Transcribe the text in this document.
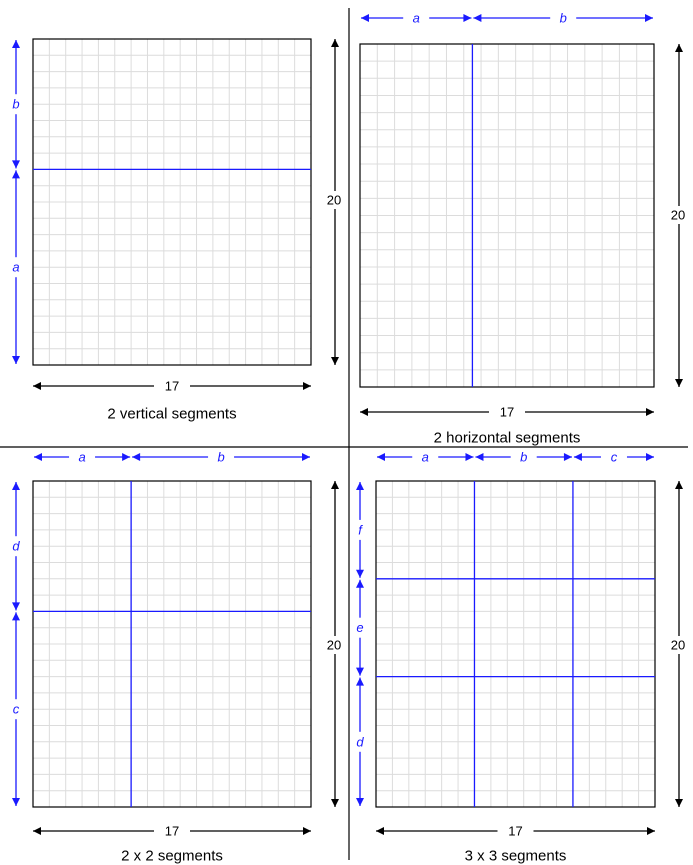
b
a
20
17
2 vertical segments
a	b
20
17
2 horizontal segments
a	b
d
c
20
17
2 x 2 segments
a	b	c
f
e
d
20
17
3 x 3 segments
